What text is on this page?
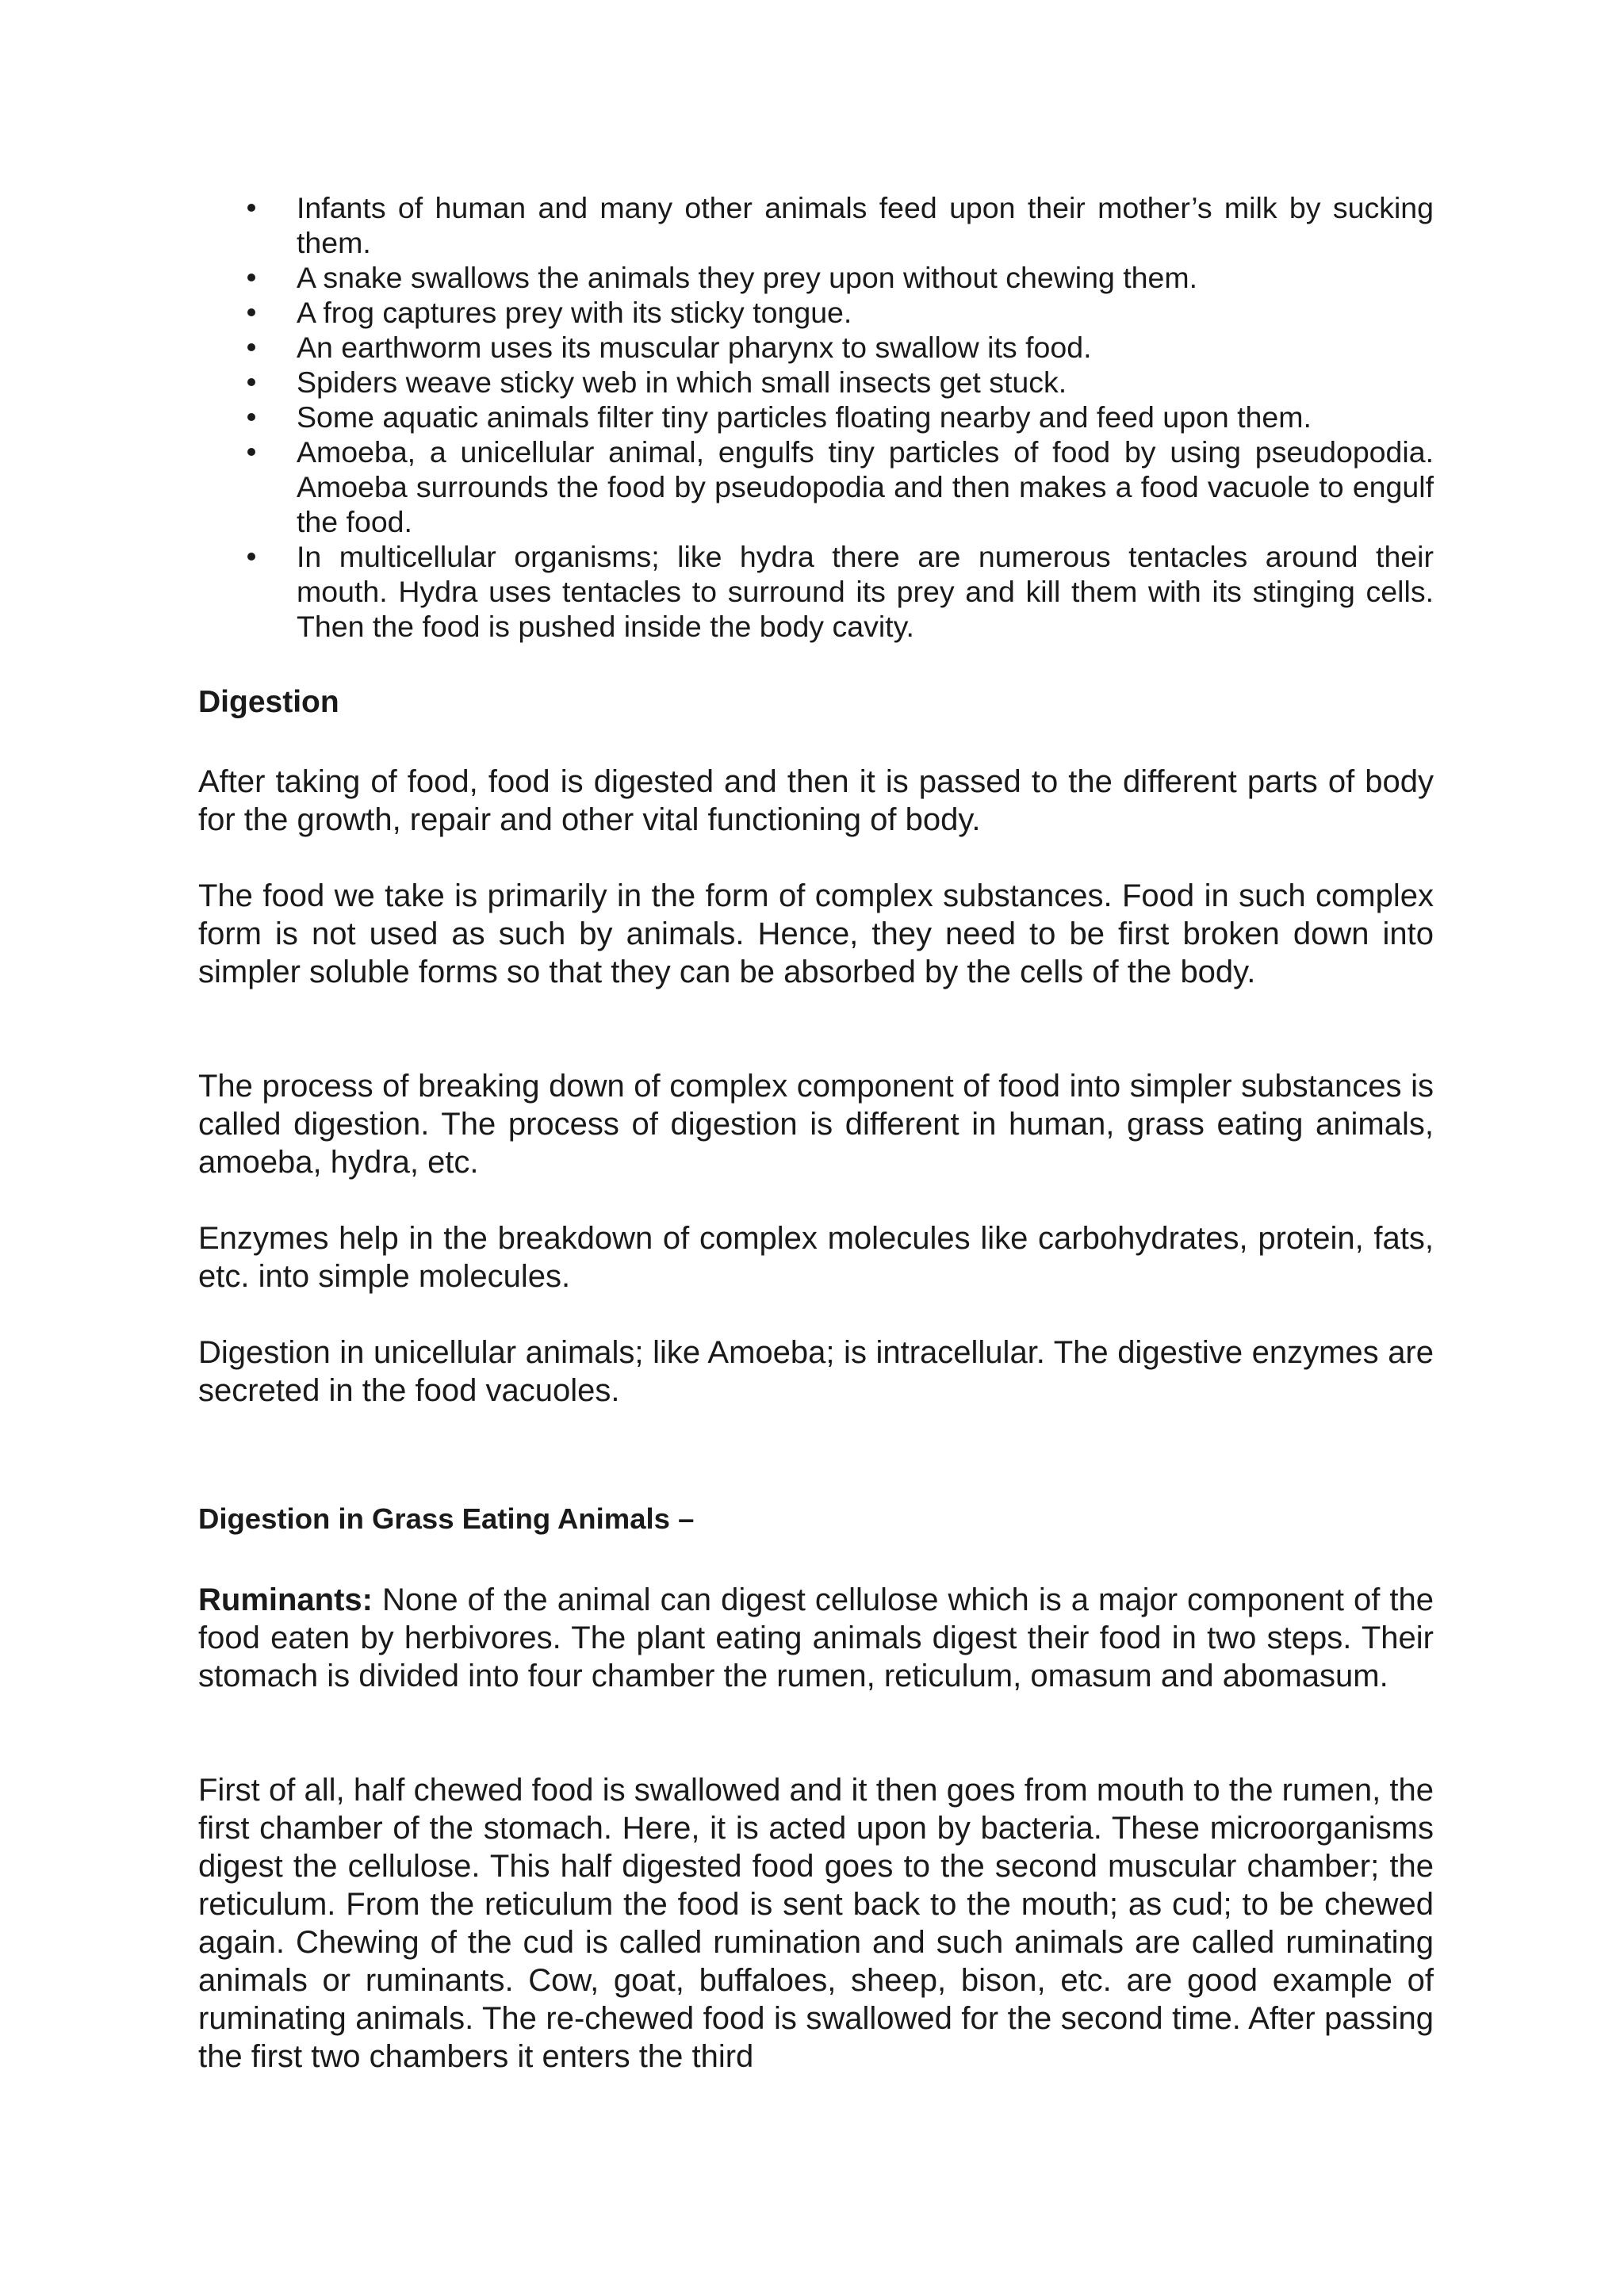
Infants of human and many other animals feed upon their mother’s milk by sucking them.
A snake swallows the animals they prey upon without chewing them.
A frog captures prey with its sticky tongue.
An earthworm uses its muscular pharynx to swallow its food.
Spiders weave sticky web in which small insects get stuck.
Some aquatic animals filter tiny particles floating nearby and feed upon them.
Amoeba, a unicellular animal, engulfs tiny particles of food by using pseudopodia. Amoeba surrounds the food by pseudopodia and then makes a food vacuole to engulf the food.
In multicellular organisms; like hydra there are numerous tentacles around their mouth. Hydra uses tentacles to surround its prey and kill them with its stinging cells. Then the food is pushed inside the body cavity.
Digestion

After taking of food, food is digested and then it is passed to the different parts of body for the growth, repair and other vital functioning of body.

The food we take is primarily in the form of complex substances. Food in such complex form is not used as such by animals. Hence, they need to be first broken down into simpler soluble forms so that they can be absorbed by the cells of the body.

The process of breaking down of complex component of food into simpler substances is called digestion. The process of digestion is different in human, grass eating animals, amoeba, hydra, etc.

Enzymes help in the breakdown of complex molecules like carbohydrates, protein, fats, etc. into simple molecules.

Digestion in unicellular animals; like Amoeba; is intracellular. The digestive enzymes are secreted in the food vacuoles.

Digestion in Grass Eating Animals –

Ruminants: None of the animal can digest cellulose which is a major component of the food eaten by herbivores. The plant eating animals digest their food in two steps. Their stomach is divided into four chamber the rumen, reticulum, omasum and abomasum.

First of all, half chewed food is swallowed and it then goes from mouth to the rumen, the first chamber of the stomach. Here, it is acted upon by bacteria. These microorganisms digest the cellulose. This half digested food goes to the second muscular chamber; the reticulum. From the reticulum the food is sent back to the mouth; as cud; to be chewed again. Chewing of the cud is called rumination and such animals are called ruminating animals or ruminants. Cow, goat, buffaloes, sheep, bison, etc. are good example of ruminating animals. The re-chewed food is swallowed for the second time. After passing the first two chambers it enters the third
